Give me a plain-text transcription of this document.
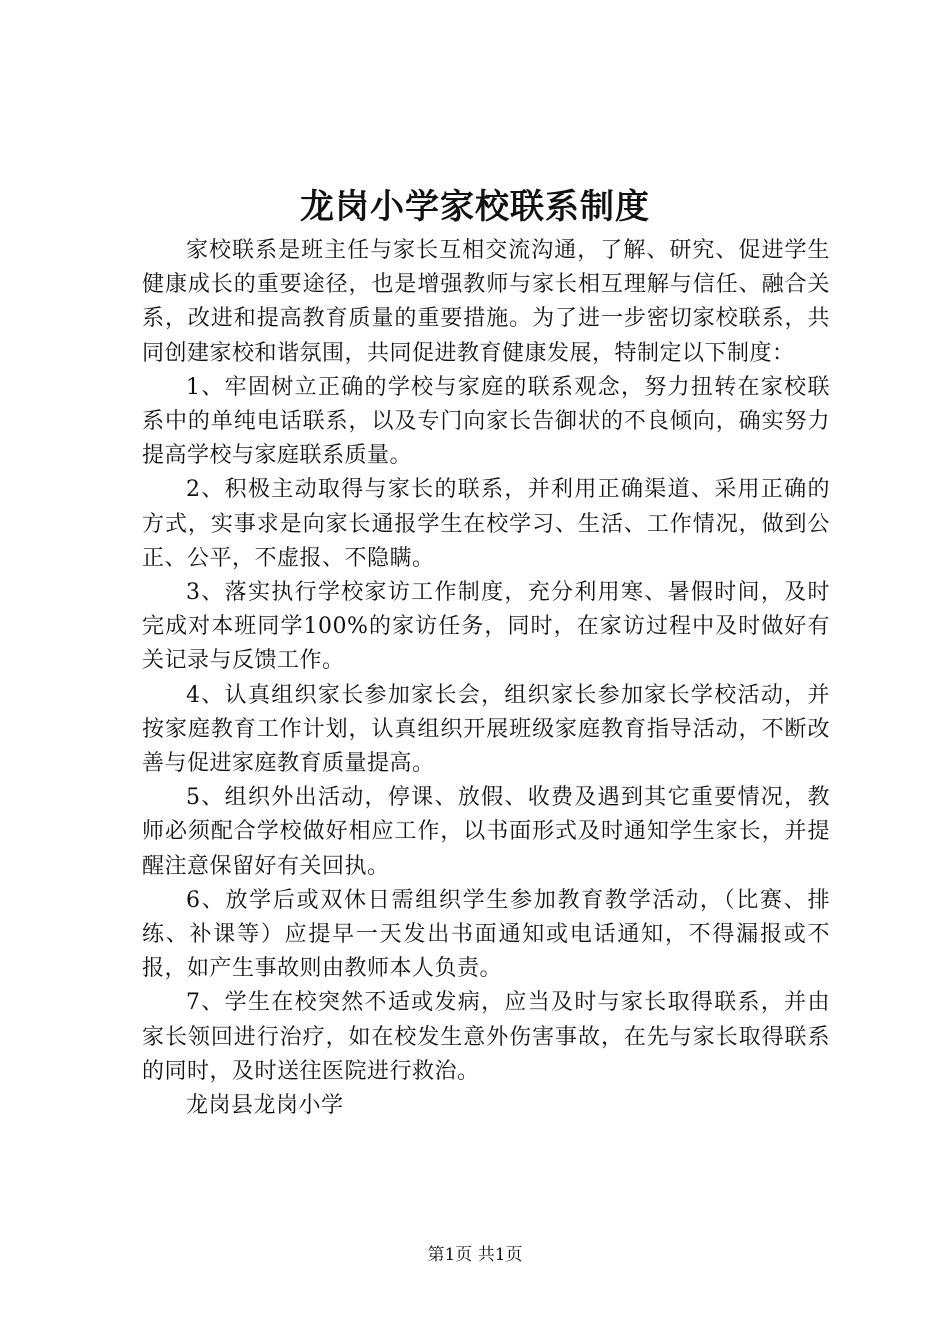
龙岗小学家校联系制度

家校联系是班主任与家长互相交流沟通，了解、研究、促进学生健康成长的重要途径，也是增强教师与家长相互理解与信任、融合关系，改进和提高教育质量的重要措施。为了进一步密切家校联系，共同创建家校和谐氛围，共同促进教育健康发展，特制定以下制度：

1、牢固树立正确的学校与家庭的联系观念，努力扭转在家校联系中的单纯电话联系，以及专门向家长告御状的不良倾向，确实努力提高学校与家庭联系质量。

2、积极主动取得与家长的联系，并利用正确渠道、采用正确的方式，实事求是向家长通报学生在校学习、生活、工作情况，做到公正、公平，不虚报、不隐瞒。

3、落实执行学校家访工作制度，充分利用寒、暑假时间，及时完成对本班同学100%的家访任务，同时，在家访过程中及时做好有关记录与反馈工作。

4、认真组织家长参加家长会，组织家长参加家长学校活动，并按家庭教育工作计划，认真组织开展班级家庭教育指导活动，不断改善与促进家庭教育质量提高。

5、组织外出活动，停课、放假、收费及遇到其它重要情况，教师必须配合学校做好相应工作，以书面形式及时通知学生家长，并提醒注意保留好有关回执。

6、放学后或双休日需组织学生参加教育教学活动，（比赛、排练、补课等）应提早一天发出书面通知或电话通知，不得漏报或不报，如产生事故则由教师本人负责。

7、学生在校突然不适或发病，应当及时与家长取得联系，并由家长领回进行治疗，如在校发生意外伤害事故，在先与家长取得联系的同时，及时送往医院进行救治。

龙岗县龙岗小学

第1页 共1页
